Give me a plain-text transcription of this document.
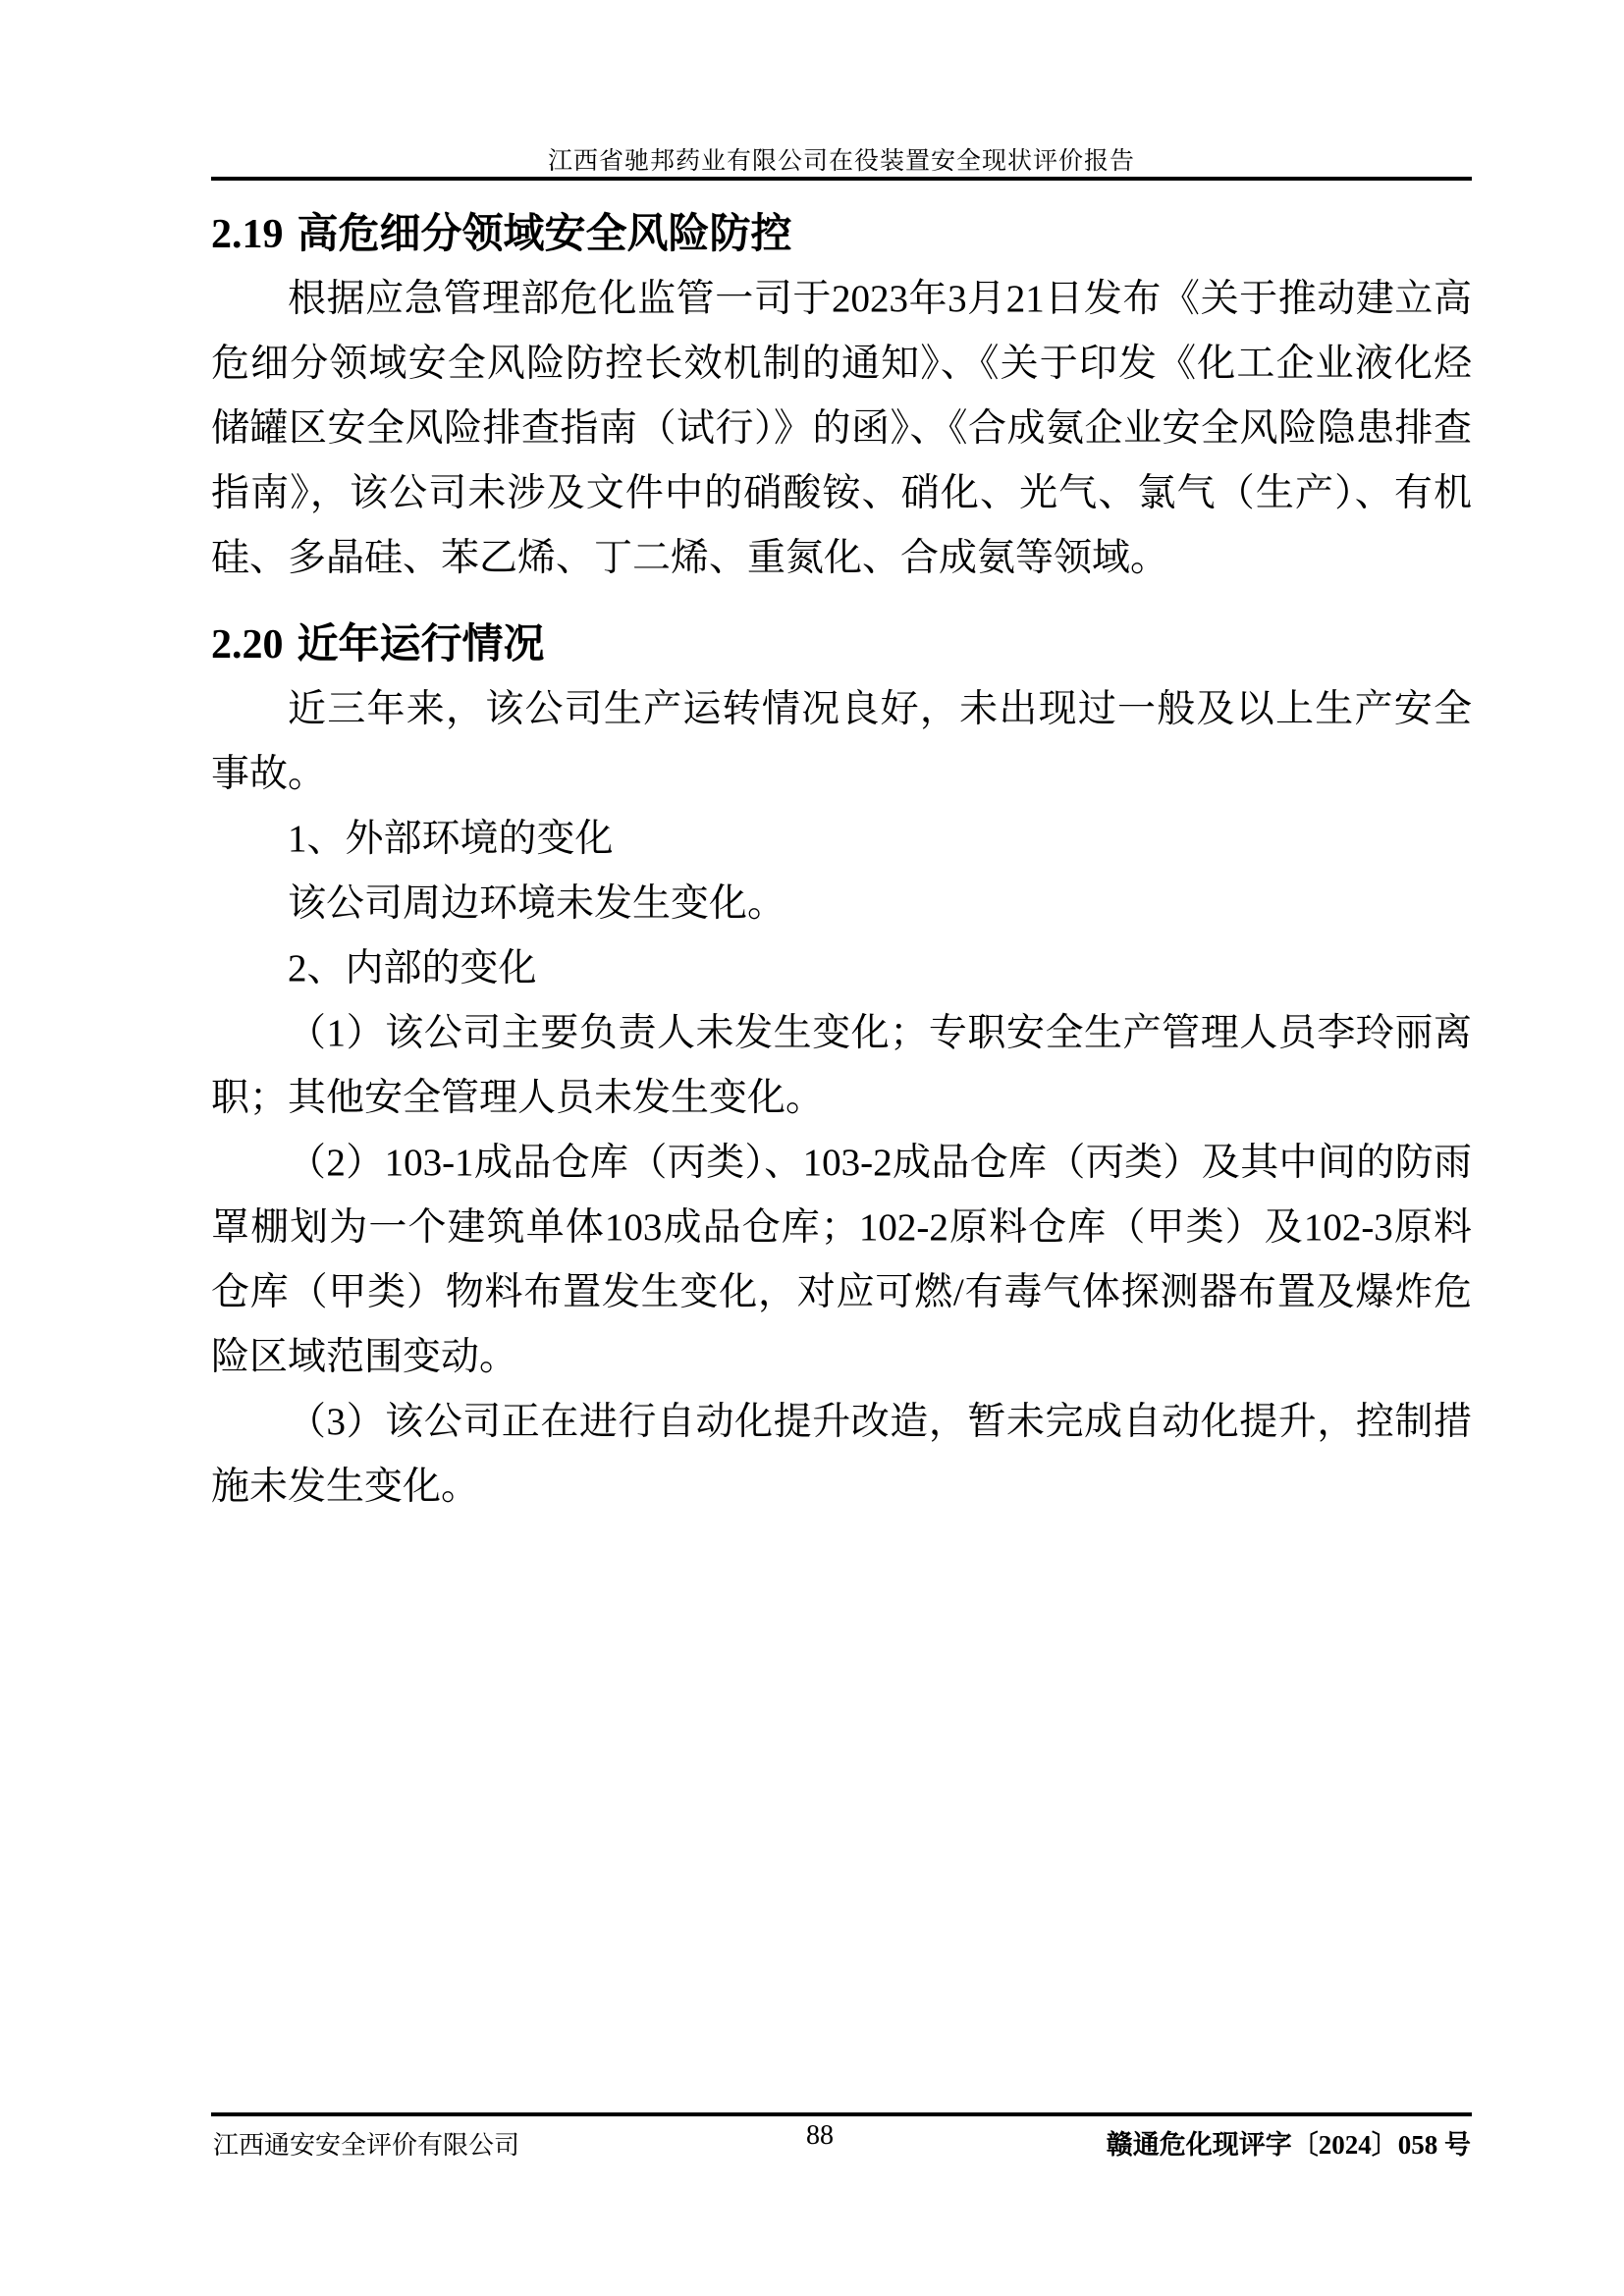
江西省驰邦药业有限公司在役装置安全现状评价报告
2.19 高危细分领域安全风险防控

根据应急管理部危化监管一司于2023年3月21日发布《关于推动建立高危细分领域安全风险防控长效机制的通知》、《关于印发《化工企业液化烃储罐区安全风险排查指南（试行）》的函》、《合成氨企业安全风险隐患排查指南》，该公司未涉及文件中的硝酸铵、硝化、光气、氯气（生产）、有机硅、多晶硅、苯乙烯、丁二烯、重氮化、合成氨等领域。

2.20 近年运行情况

近三年来，该公司生产运转情况良好，未出现过一般及以上生产安全事故。

1、外部环境的变化

该公司周边环境未发生变化。

2、内部的变化

（1）该公司主要负责人未发生变化；专职安全生产管理人员李玲丽离职；其他安全管理人员未发生变化。

（2）103-1成品仓库（丙类）、103-2成品仓库（丙类）及其中间的防雨罩棚划为一个建筑单体103成品仓库；102-2原料仓库（甲类）及102-3原料仓库（甲类）物料布置发生变化，对应可燃/有毒气体探测器布置及爆炸危险区域范围变动。

（3）该公司正在进行自动化提升改造，暂未完成自动化提升，控制措施未发生变化。

江西通安安全评价有限公司	88	赣通危化现评字〔2024〕058 号
